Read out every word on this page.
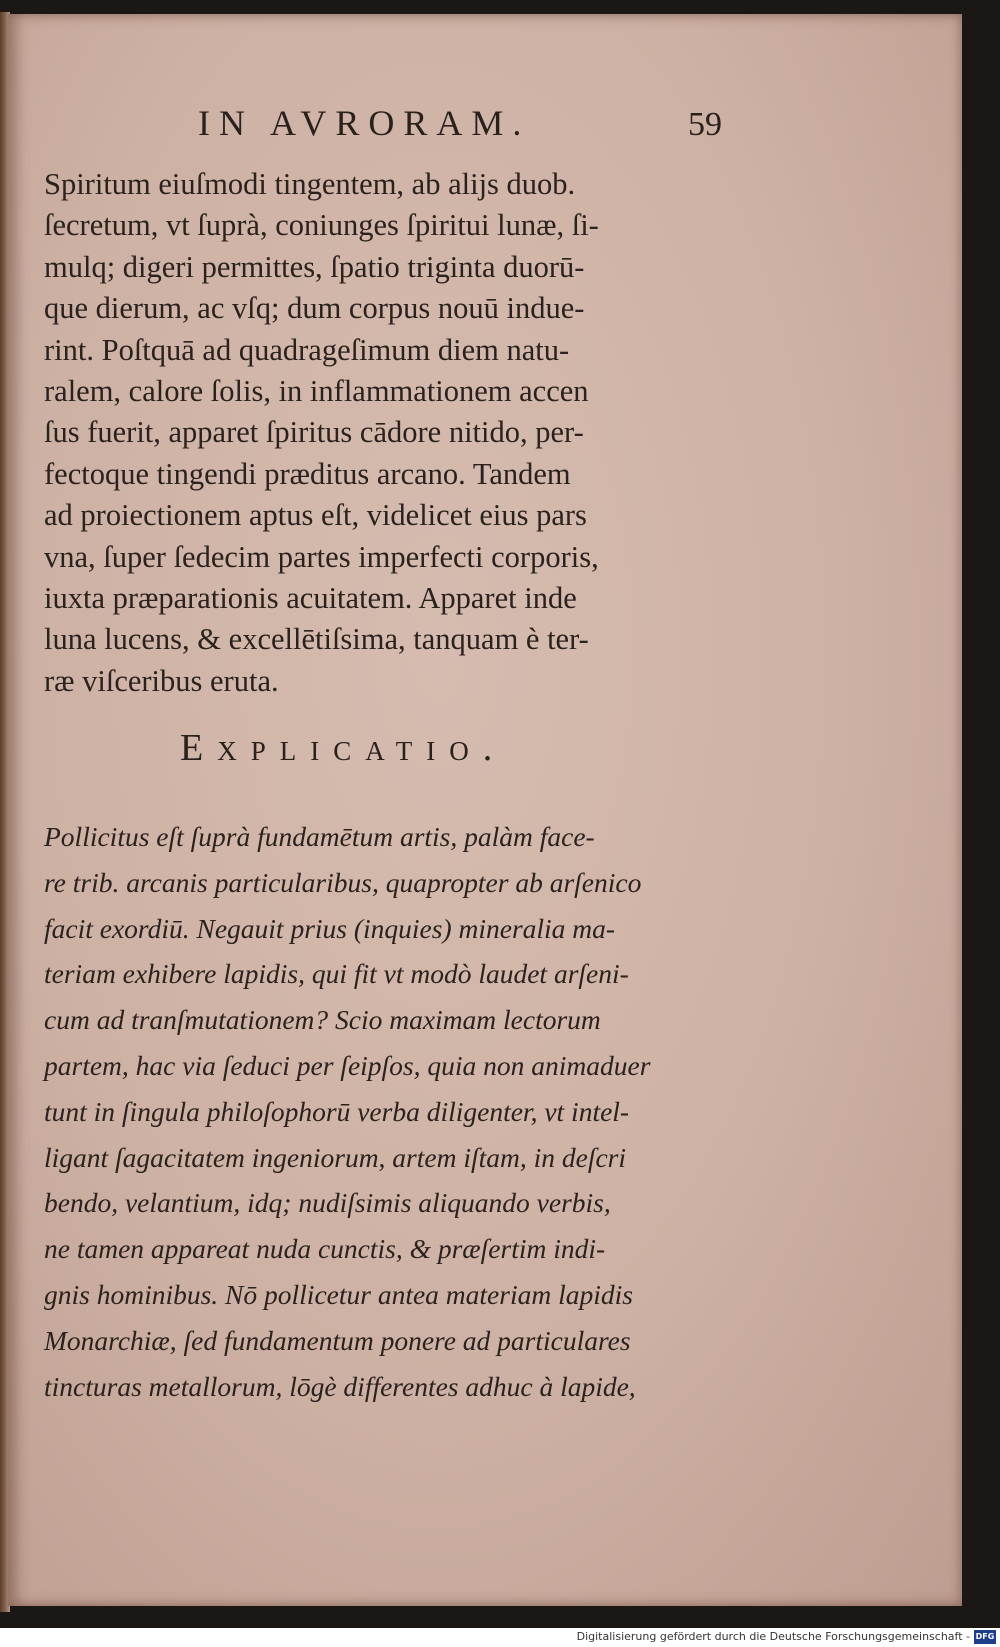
IN AVRORAM.	59
Spiritum eiuſmodi tingentem, ab alijs duob.
ſecretum, vt ſuprà, coniunges ſpiritui lunæ, ſi-
mulq; digeri permittes, ſpatio triginta duorū-
que dierum, ac vſq; dum corpus nouū indue-
rint. Poſtquā ad quadrageſimum diem natu-
ralem, calore ſolis, in inflammationem accen
ſus fuerit, apparet ſpiritus cādore nitido, per-
fectoque tingendi præditus arcano. Tandem
ad proiectionem aptus eſt, videlicet eius pars
vna, ſuper ſedecim partes imperfecti corporis,
iuxta præparationis acuitatem. Apparet inde
luna lucens, & excellētiſsima, tanquam è ter-
ræ viſceribus eruta.
Explicatio.
Pollicitus eſt ſuprà fundamētum artis, palàm face-
re trib. arcanis particularibus, quapropter ab arſenico
facit exordiū. Negauit prius (inquies) mineralia ma-
teriam exhibere lapidis, qui fit vt modò laudet arſeni-
cum ad tranſmutationem? Scio maximam lectorum
partem, hac via ſeduci per ſeipſos, quia non animaduer
tunt in ſingula philoſophorū verba diligenter, vt intel-
ligant ſagacitatem ingeniorum, artem iſtam, in deſcri
bendo, velantium, idq; nudiſsimis aliquando verbis,
ne tamen appareat nuda cunctis, & præſertim indi-
gnis hominibus. Nō pollicetur antea materiam lapidis
Monarchiæ, ſed fundamentum ponere ad particulares
tincturas metallorum, lōgè differentes adhuc à lapide,
Digitalisierung gefördert durch die Deutsche Forschungsgemeinschaft - DFG
